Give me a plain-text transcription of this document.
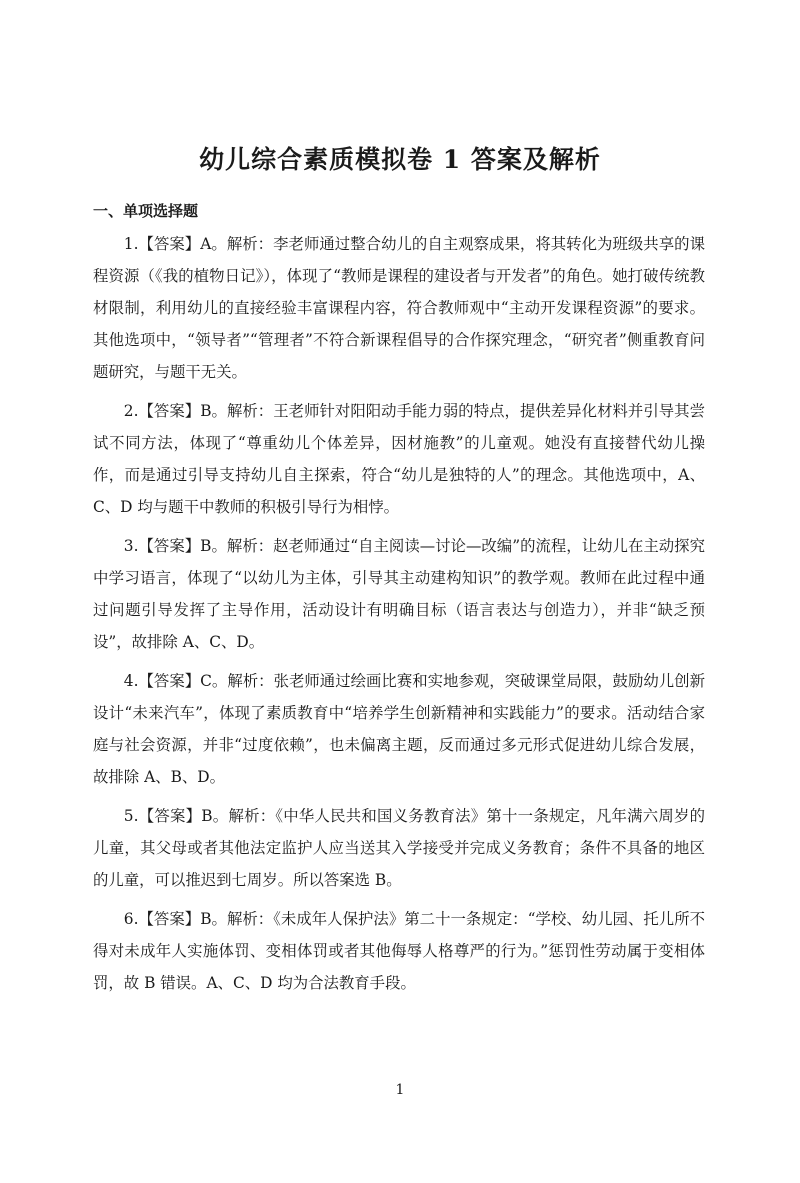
幼儿综合素质模拟卷 1 答案及解析
一、单项选择题

1.【答案】A。解析：李老师通过整合幼儿的自主观察成果，将其转化为班级共享的课程资源（《我的植物日记》），体现了“教师是课程的建设者与开发者”的角色。她打破传统教材限制，利用幼儿的直接经验丰富课程内容，符合教师观中“主动开发课程资源”的要求。其他选项中，“领导者”“管理者”不符合新课程倡导的合作探究理念，“研究者”侧重教育问题研究，与题干无关。

2.【答案】B。解析：王老师针对阳阳动手能力弱的特点，提供差异化材料并引导其尝试不同方法，体现了“尊重幼儿个体差异，因材施教”的儿童观。她没有直接替代幼儿操作，而是通过引导支持幼儿自主探索，符合“幼儿是独特的人”的理念。其他选项中，A、C、D 均与题干中教师的积极引导行为相悖。

3.【答案】B。解析：赵老师通过“自主阅读—讨论—改编”的流程，让幼儿在主动探究中学习语言，体现了“以幼儿为主体，引导其主动建构知识”的教学观。教师在此过程中通过问题引导发挥了主导作用，活动设计有明确目标（语言表达与创造力），并非“缺乏预设”，故排除 A、C、D。

4.【答案】C。解析：张老师通过绘画比赛和实地参观，突破课堂局限，鼓励幼儿创新设计“未来汽车”，体现了素质教育中“培养学生创新精神和实践能力”的要求。活动结合家庭与社会资源，并非“过度依赖”，也未偏离主题，反而通过多元形式促进幼儿综合发展，故排除 A、B、D。

5.【答案】B。解析：《中华人民共和国义务教育法》第十一条规定，凡年满六周岁的儿童，其父母或者其他法定监护人应当送其入学接受并完成义务教育；条件不具备的地区的儿童，可以推迟到七周岁。所以答案选 B。

6.【答案】B。解析：《未成年人保护法》第二十一条规定：“学校、幼儿园、托儿所不得对未成年人实施体罚、变相体罚或者其他侮辱人格尊严的行为。”惩罚性劳动属于变相体罚，故 B 错误。A、C、D 均为合法教育手段。

1
